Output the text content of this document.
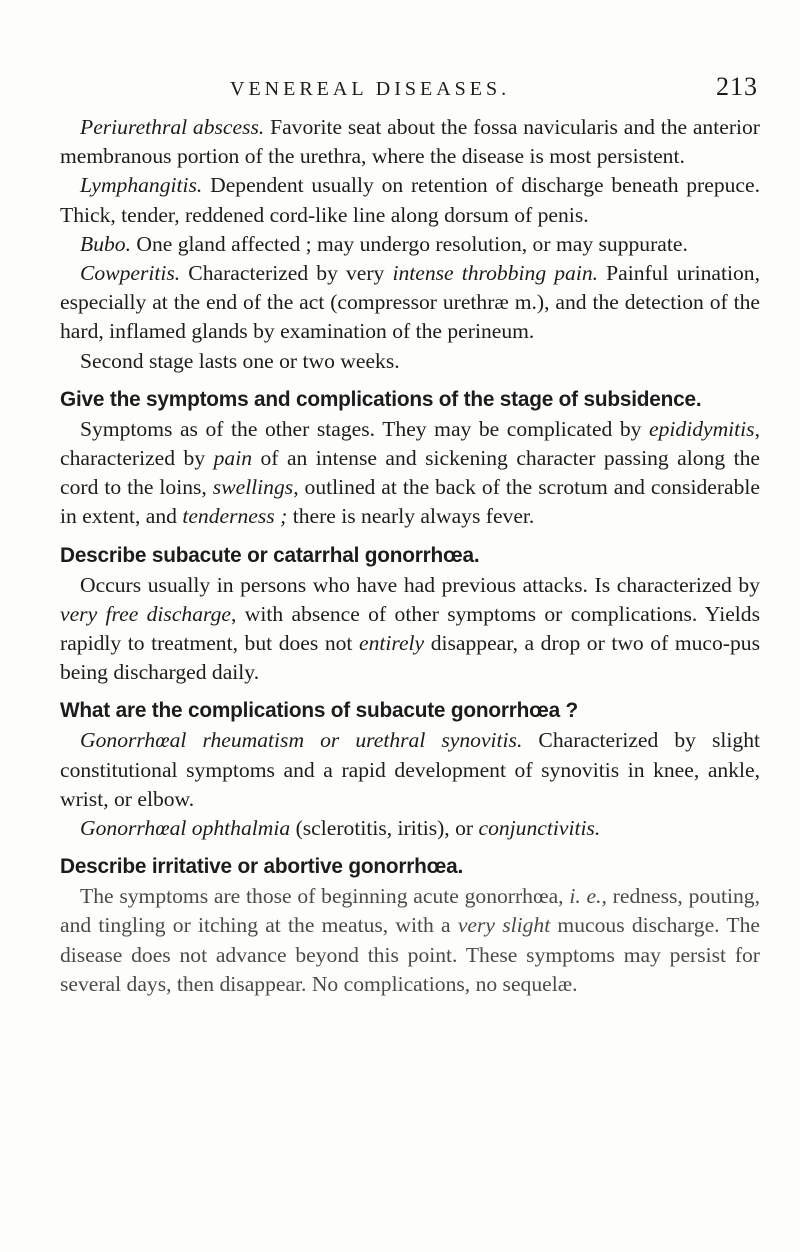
VENEREAL DISEASES.	213

Periurethral abscess. Favorite seat about the fossa navicularis and the anterior membranous portion of the urethra, where the disease is most persistent.

Lymphangitis. Dependent usually on retention of discharge beneath prepuce. Thick, tender, reddened cord-like line along dorsum of penis.

Bubo. One gland affected ; may undergo resolution, or may suppurate.

Cowperitis. Characterized by very intense throbbing pain. Painful urination, especially at the end of the act (compressor urethræ m.), and the detection of the hard, inflamed glands by examination of the perineum.

Second stage lasts one or two weeks.

Give the symptoms and complications of the stage of subsidence.

Symptoms as of the other stages. They may be complicated by epididymitis, characterized by pain of an intense and sickening character passing along the cord to the loins, swellings, outlined at the back of the scrotum and considerable in extent, and tenderness ; there is nearly always fever.

Describe subacute or catarrhal gonorrhœa.

Occurs usually in persons who have had previous attacks. Is characterized by very free discharge, with absence of other symptoms or complications. Yields rapidly to treatment, but does not entirely disappear, a drop or two of muco-pus being discharged daily.

What are the complications of subacute gonorrhœa ?

Gonorrhœal rheumatism or urethral synovitis. Characterized by slight constitutional symptoms and a rapid development of synovitis in knee, ankle, wrist, or elbow.

Gonorrhœal ophthalmia (sclerotitis, iritis), or conjunctivitis.

Describe irritative or abortive gonorrhœa.

The symptoms are those of beginning acute gonorrhœa, i. e., redness, pouting, and tingling or itching at the meatus, with a very slight mucous discharge. The disease does not advance beyond this point. These symptoms may persist for several days, then disappear. No complications, no sequelæ.
